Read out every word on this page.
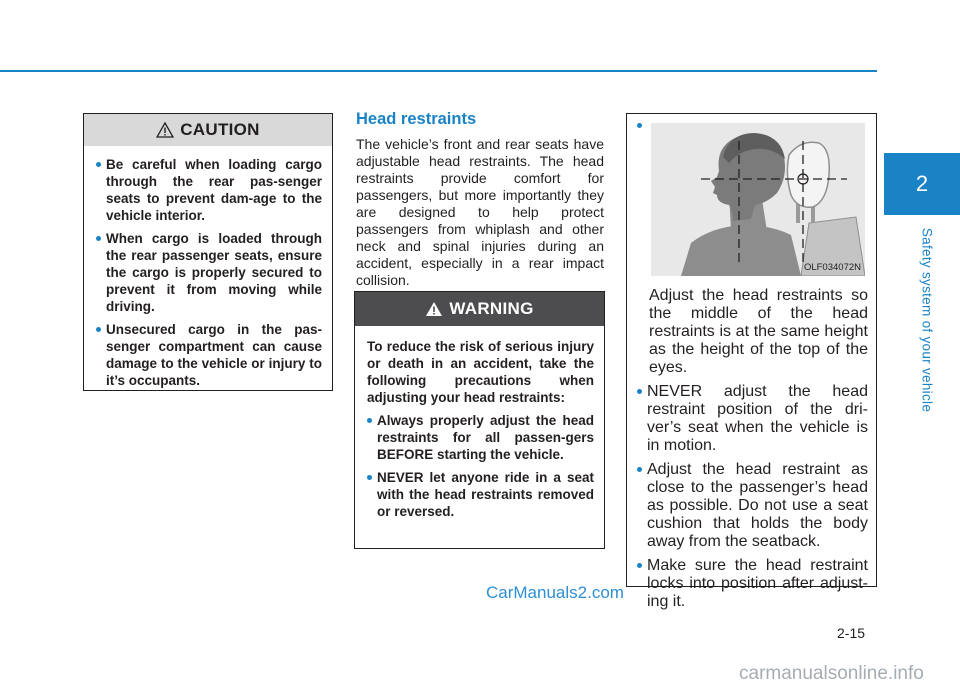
2
Safety system of your vehicle
CAUTION
Be careful when loading cargo through the rear pas-senger seats to prevent dam-age to the vehicle interior.
When cargo is loaded through the rear passenger seats, ensure the cargo is properly secured to prevent it from moving while driving.
Unsecured cargo in the pas-senger compartment can cause damage to the vehicle or injury to it’s occupants.
Head restraints

The vehicle’s front and rear seats have adjustable head restraints. The head restraints provide comfort for passengers, but more importantly they are designed to help protect passengers from whiplash and other neck and spinal injuries during an accident, especially in a rear impact collision.

WARNING

To reduce the risk of serious injury or death in an accident, take the following precautions when adjusting your head restraints:

Always properly adjust the head restraints for all passen-gers BEFORE starting the vehicle.
NEVER let anyone ride in a seat with the head restraints removed or reversed.
OLF034072N

Adjust the head restraints so the middle of the head restraints is at the same height as the height of the top of the eyes.

NEVER adjust the head restraint position of the dri-ver’s seat when the vehicle is in motion.
Adjust the head restraint as close to the passenger’s head as possible. Do not use a seat cushion that holds the body away from the seatback.
Make sure the head restraint locks into position after adjust-ing it.
2-15
CarManuals2.com
carmanualsonline.info
